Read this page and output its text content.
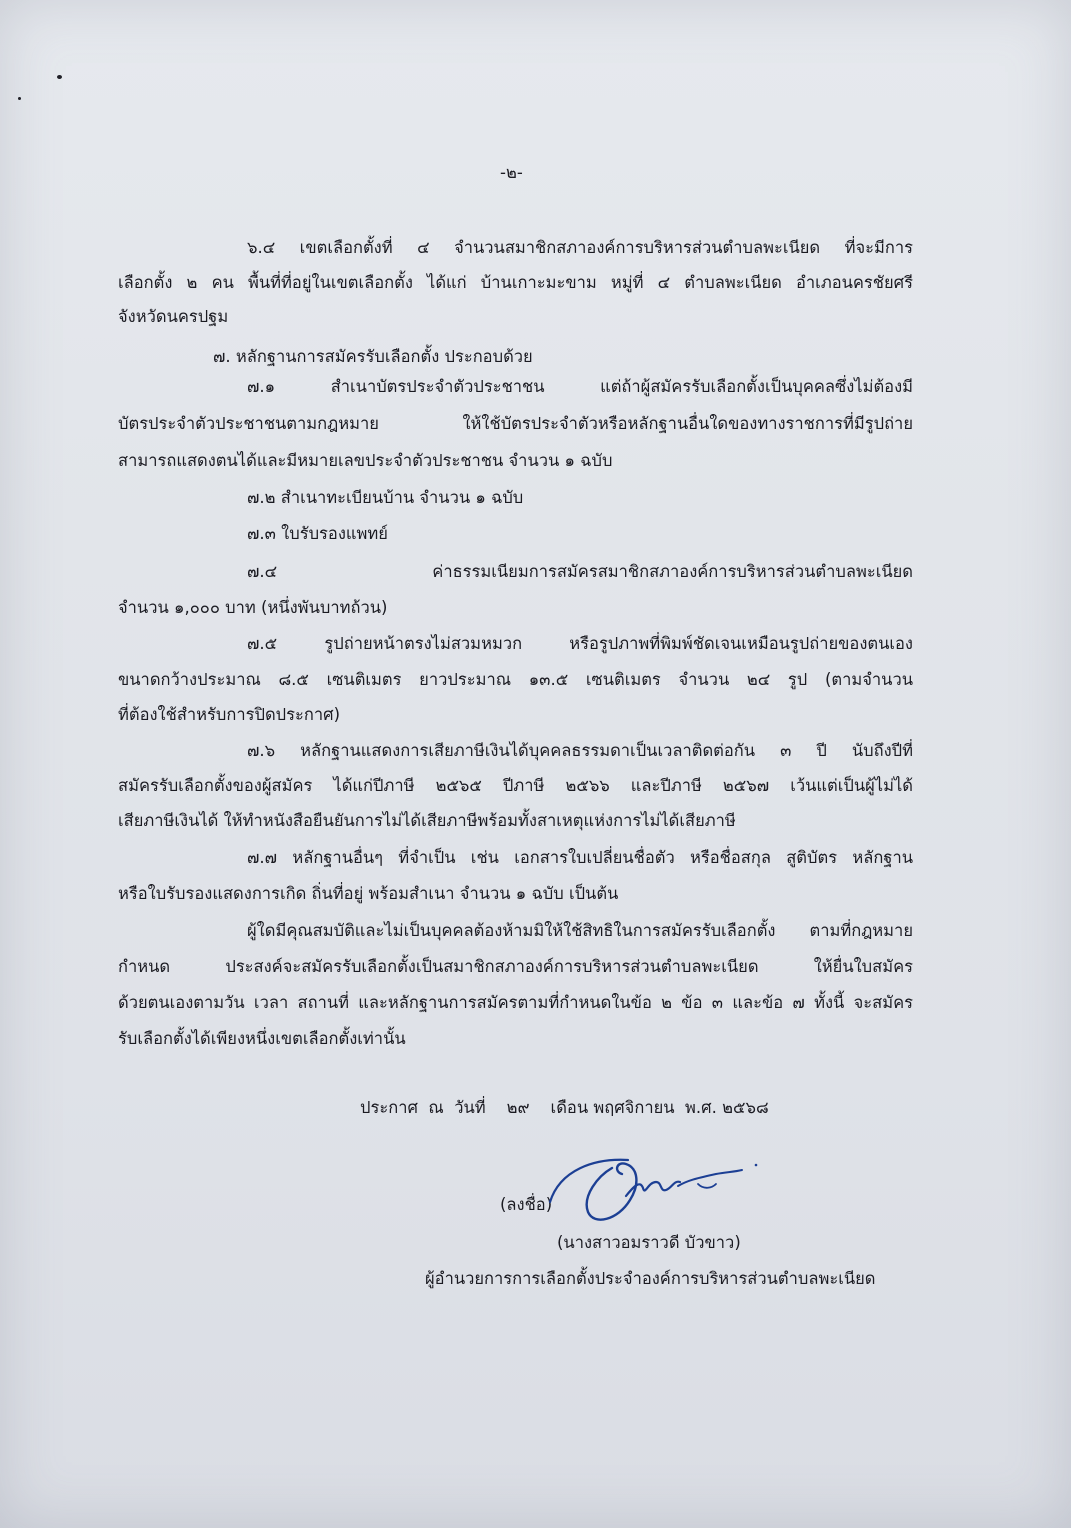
-๒-
๖.๔ เขตเลือกตั้งที่ ๔ จำนวนสมาชิกสภาองค์การบริหารส่วนตำบลพะเนียด ที่จะมีการ
เลือกตั้ง ๒ คน พื้นที่ที่อยู่ในเขตเลือกตั้ง ได้แก่ บ้านเกาะมะขาม หมู่ที่ ๔ ตำบลพะเนียด อำเภอนครชัยศรี
จังหวัดนครปฐม
๗. หลักฐานการสมัครรับเลือกตั้ง ประกอบด้วย
๗.๑ สำเนาบัตรประจำตัวประชาชน แต่ถ้าผู้สมัครรับเลือกตั้งเป็นบุคคลซึ่งไม่ต้องมี
บัตรประจำตัวประชาชนตามกฎหมาย ให้ใช้บัตรประจำตัวหรือหลักฐานอื่นใดของทางราชการที่มีรูปถ่าย
สามารถแสดงตนได้และมีหมายเลขประจำตัวประชาชน จำนวน ๑ ฉบับ
๗.๒ สำเนาทะเบียนบ้าน จำนวน ๑ ฉบับ
๗.๓ ใบรับรองแพทย์
๗.๔ ค่าธรรมเนียมการสมัครสมาชิกสภาองค์การบริหารส่วนตำบลพะเนียด
จำนวน ๑,๐๐๐ บาท (หนึ่งพันบาทถ้วน)
๗.๕ รูปถ่ายหน้าตรงไม่สวมหมวก หรือรูปภาพที่พิมพ์ชัดเจนเหมือนรูปถ่ายของตนเอง
ขนาดกว้างประมาณ ๘.๕ เซนติเมตร ยาวประมาณ ๑๓.๕ เซนติเมตร จำนวน ๒๔ รูป (ตามจำนวน
ที่ต้องใช้สำหรับการปิดประกาศ)
๗.๖ หลักฐานแสดงการเสียภาษีเงินได้บุคคลธรรมดาเป็นเวลาติดต่อกัน ๓ ปี นับถึงปีที่
สมัครรับเลือกตั้งของผู้สมัคร ได้แก่ปีภาษี ๒๕๖๕ ปีภาษี ๒๕๖๖ และปีภาษี ๒๕๖๗ เว้นแต่เป็นผู้ไม่ได้
เสียภาษีเงินได้ ให้ทำหนังสือยืนยันการไม่ได้เสียภาษีพร้อมทั้งสาเหตุแห่งการไม่ได้เสียภาษี
๗.๗ หลักฐานอื่นๆ ที่จำเป็น เช่น เอกสารใบเปลี่ยนชื่อตัว หรือชื่อสกุล สูติบัตร หลักฐาน
หรือใบรับรองแสดงการเกิด ถิ่นที่อยู่ พร้อมสำเนา จำนวน ๑ ฉบับ เป็นต้น
ผู้ใดมีคุณสมบัติและไม่เป็นบุคคลต้องห้ามมิให้ใช้สิทธิในการสมัครรับเลือกตั้ง ตามที่กฎหมาย
กำหนด ประสงค์จะสมัครรับเลือกตั้งเป็นสมาชิกสภาองค์การบริหารส่วนตำบลพะเนียด ให้ยื่นใบสมัคร
ด้วยตนเองตามวัน เวลา สถานที่ และหลักฐานการสมัครตามที่กำหนดในข้อ ๒ ข้อ ๓ และข้อ ๗ ทั้งนี้ จะสมัคร
รับเลือกตั้งได้เพียงหนึ่งเขตเลือกตั้งเท่านั้น
ประกาศ  ณ  วันที่    ๒๙    เดือน พฤศจิกายน  พ.ศ. ๒๕๖๘
(ลงชื่อ)
(นางสาวอมราวดี บัวขาว)
ผู้อำนวยการการเลือกตั้งประจำองค์การบริหารส่วนตำบลพะเนียด
